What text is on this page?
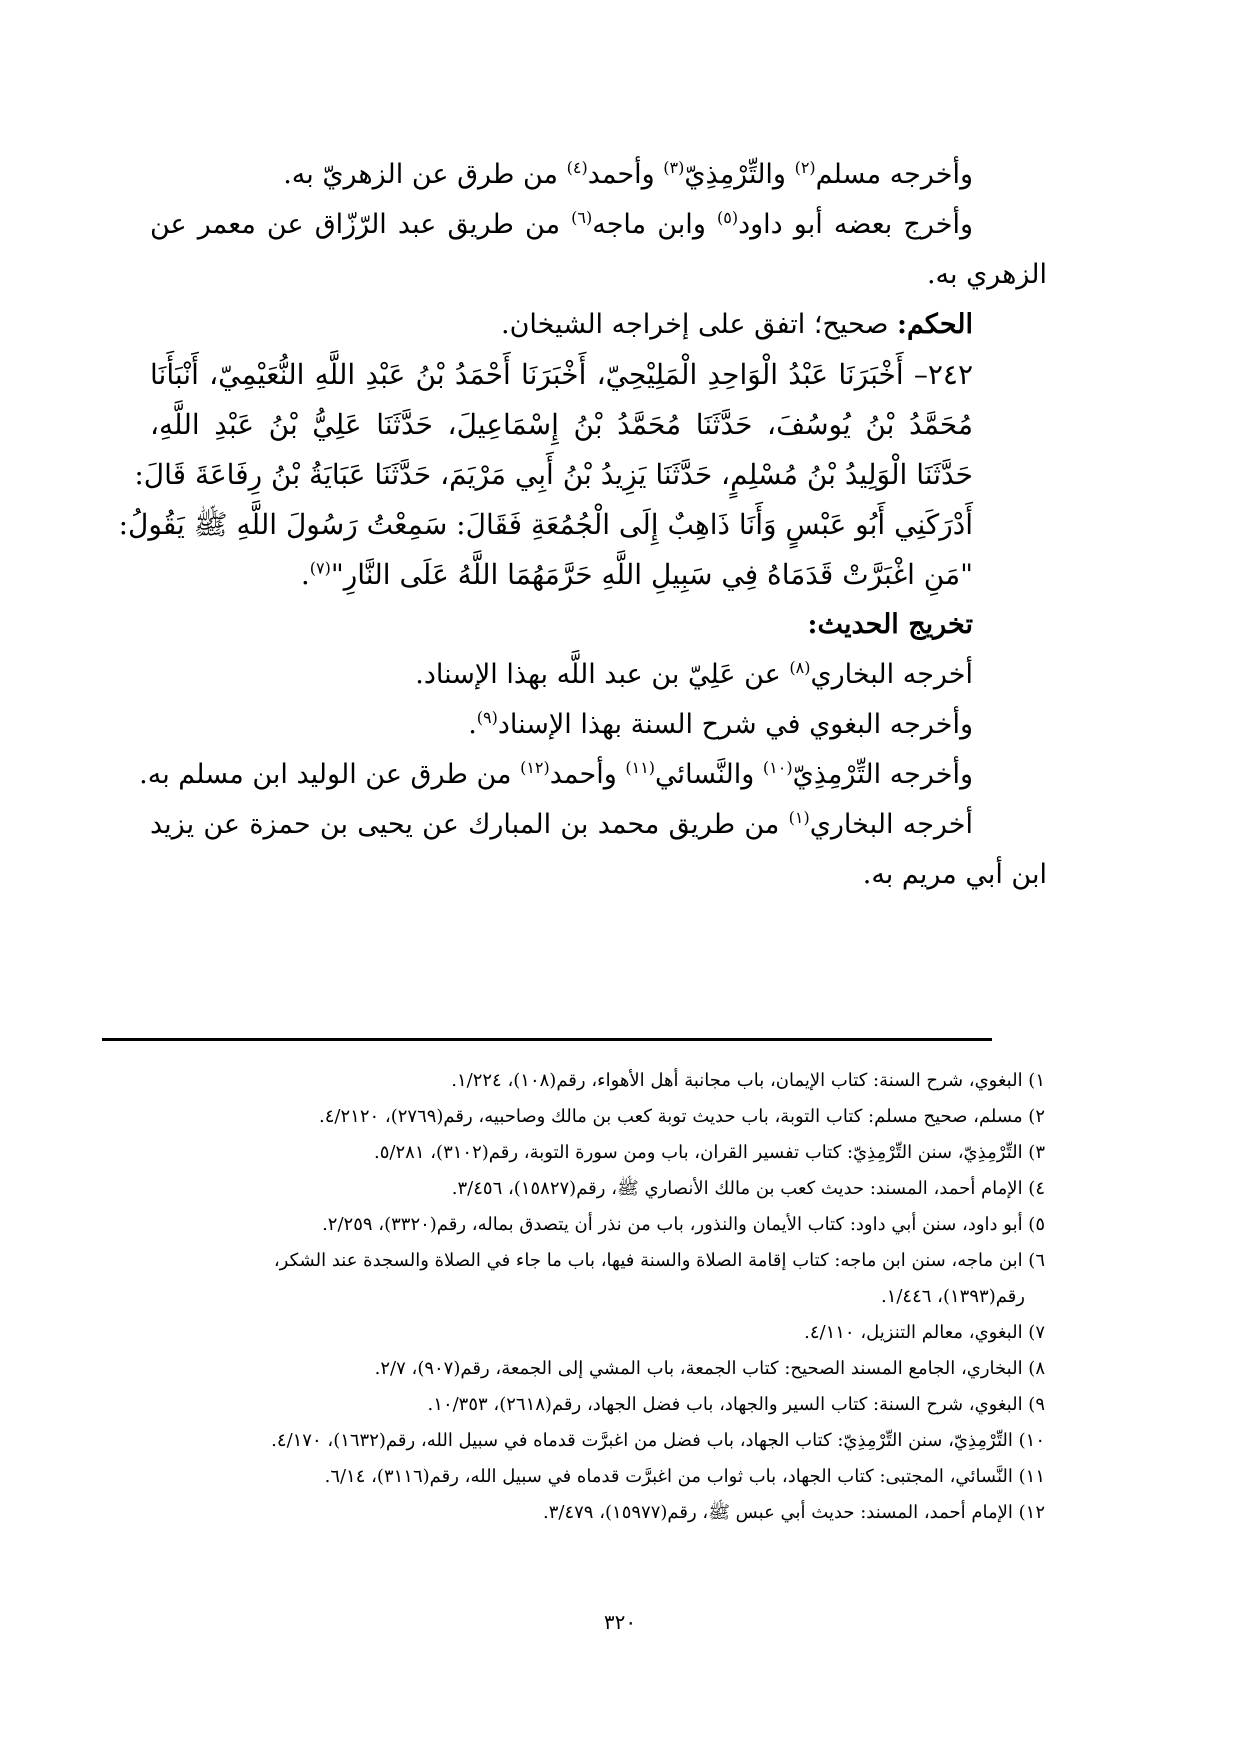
وأخرجه مسلم$^{(٢)}$ والتِّرْمِذِيّ$^{(٣)}$ وأحمد$^{(٤)}$ من طرق عن الزهريّ به.
وأخرج بعضه أبو داود$^{(٥)}$ وابن ماجه$^{(٦)}$ من طريق عبد الرّزّاق عن معمر عن
الزهري به.
الحكم: صحيح؛ اتفق على إخراجه الشيخان.
٢٤٢– أَخْبَرَنَا عَبْدُ الْوَاحِدِ الْمَلِيْحِيّ، أَخْبَرَنَا أَحْمَدُ بْنُ عَبْدِ اللَّهِ النُّعَيْمِيّ، أَنْبَأَنَا
مُحَمَّدُ بْنُ يُوسُفَ، حَدَّثَنَا مُحَمَّدُ بْنُ إِسْمَاعِيلَ، حَدَّثَنَا عَلِيُّ بْنُ عَبْدِ اللَّهِ،
حَدَّثَنَا الْوَلِيدُ بْنُ مُسْلِمٍ، حَدَّثَنَا يَزِيدُ بْنُ أَبِي مَرْيَمَ، حَدَّثَنَا عَبَايَةُ بْنُ رِفَاعَةَ قَالَ:
أَدْرَكَنِي أَبُو عَبْسٍ وَأَنَا ذَاهِبٌ إِلَى الْجُمُعَةِ فَقَالَ: سَمِعْتُ رَسُولَ اللَّهِ ﷺ يَقُولُ:
"مَنِ اغْبَرَّتْ قَدَمَاهُ فِي سَبِيلِ اللَّهِ حَرَّمَهُمَا اللَّهُ عَلَى النَّارِ"$^{(٧)}$.
تخريج الحديث:
أخرجه البخاري$^{(٨)}$ عن عَلِيّ بن عبد اللَّه بهذا الإسناد.
وأخرجه البغوي في شرح السنة بهذا الإسناد$^{(٩)}$.
وأخرجه التِّرْمِذِيّ$^{(١٠)}$ والنَّسائي$^{(١١)}$ وأحمد$^{(١٢)}$ من طرق عن الوليد ابن مسلم به.
أخرجه البخاري$^{(١)}$ من طريق محمد بن المبارك عن يحيى بن حمزة عن يزيد
ابن أبي مريم به.
١) البغوي، شرح السنة: كتاب الإيمان، باب مجانبة أهل الأهواء، رقم(١٠٨)، ١/٢٢٤.
٢) مسلم، صحيح مسلم: كتاب التوبة، باب حديث توبة كعب بن مالك وصاحبيه، رقم(٢٧٦٩)، ٤/٢١٢٠.
٣) التِّرْمِذِيّ، سنن التِّرْمِذِيّ: كتاب تفسير القران، باب ومن سورة التوبة، رقم(٣١٠٢)، ٥/٢٨١.
٤) الإمام أحمد، المسند: حديث كعب بن مالك الأنصاري ﷺ، رقم(١٥٨٢٧)، ٣/٤٥٦.
٥) أبو داود، سنن أبي داود: كتاب الأيمان والنذور، باب من نذر أن يتصدق بماله، رقم(٣٣٢٠)، ٢/٢٥٩.
٦) ابن ماجه، سنن ابن ماجه: كتاب إقامة الصلاة والسنة فيها، باب ما جاء في الصلاة والسجدة عند الشكر،
رقم(١٣٩٣)، ١/٤٤٦.
٧) البغوي، معالم التنزيل، ٤/١١٠.
٨) البخاري، الجامع المسند الصحيح: كتاب الجمعة، باب المشي إلى الجمعة، رقم(٩٠٧)، ٢/٧.
٩) البغوي، شرح السنة: كتاب السير والجهاد، باب فضل الجهاد، رقم(٢٦١٨)، ١٠/٣٥٣.
١٠) التِّرْمِذِيّ، سنن التِّرْمِذِيّ: كتاب الجهاد، باب فضل من اغبرَّت قدماه في سبيل الله، رقم(١٦٣٢)، ٤/١٧٠.
١١) النَّسائي، المجتبى: كتاب الجهاد، باب ثواب من اغبرَّت قدماه في سبيل الله، رقم(٣١١٦)، ٦/١٤.
١٢) الإمام أحمد، المسند: حديث أبي عبس ﷺ، رقم(١٥٩٧٧)، ٣/٤٧٩.
٣٢٠
